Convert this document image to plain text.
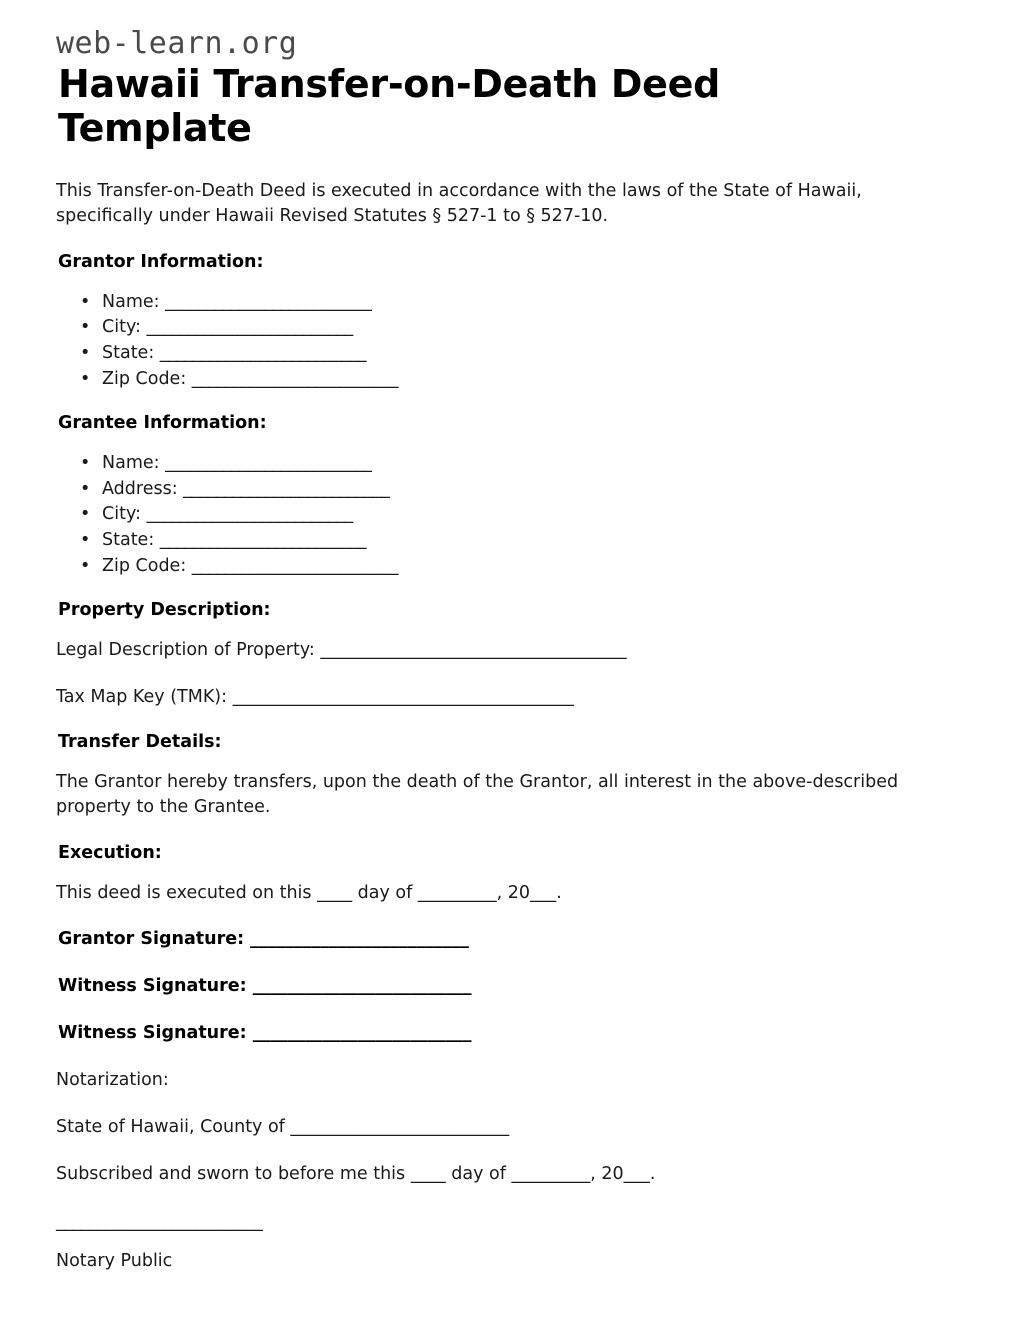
web-learn.org
Hawaii Transfer-on-Death Deed Template

This Transfer-on-Death Deed is executed in accordance with the laws of the State of Hawaii, specifically under Hawaii Revised Statutes § 527-1 to § 527-10.

Grantor Information:
• Name: _________________________
• City: _________________________
• State: _________________________
• Zip Code: _________________________
Grantee Information:
• Name: _________________________
• Address: _________________________
• City: _________________________
• State: _________________________
• Zip Code: _________________________
Property Description:

Legal Description of Property: ___________________________________

Tax Map Key (TMK): _______________________________________

Transfer Details:

The Grantor hereby transfers, upon the death of the Grantor, all interest in the above-described property to the Grantee.

Execution:

This deed is executed on this ____ day of _________, 20___.

Grantor Signature: _________________________

Witness Signature: _________________________

Witness Signature: _________________________

Notarization:

State of Hawaii, County of _________________________

Subscribed and sworn to before me this ____ day of _________, 20___.

_________________________

Notary Public
